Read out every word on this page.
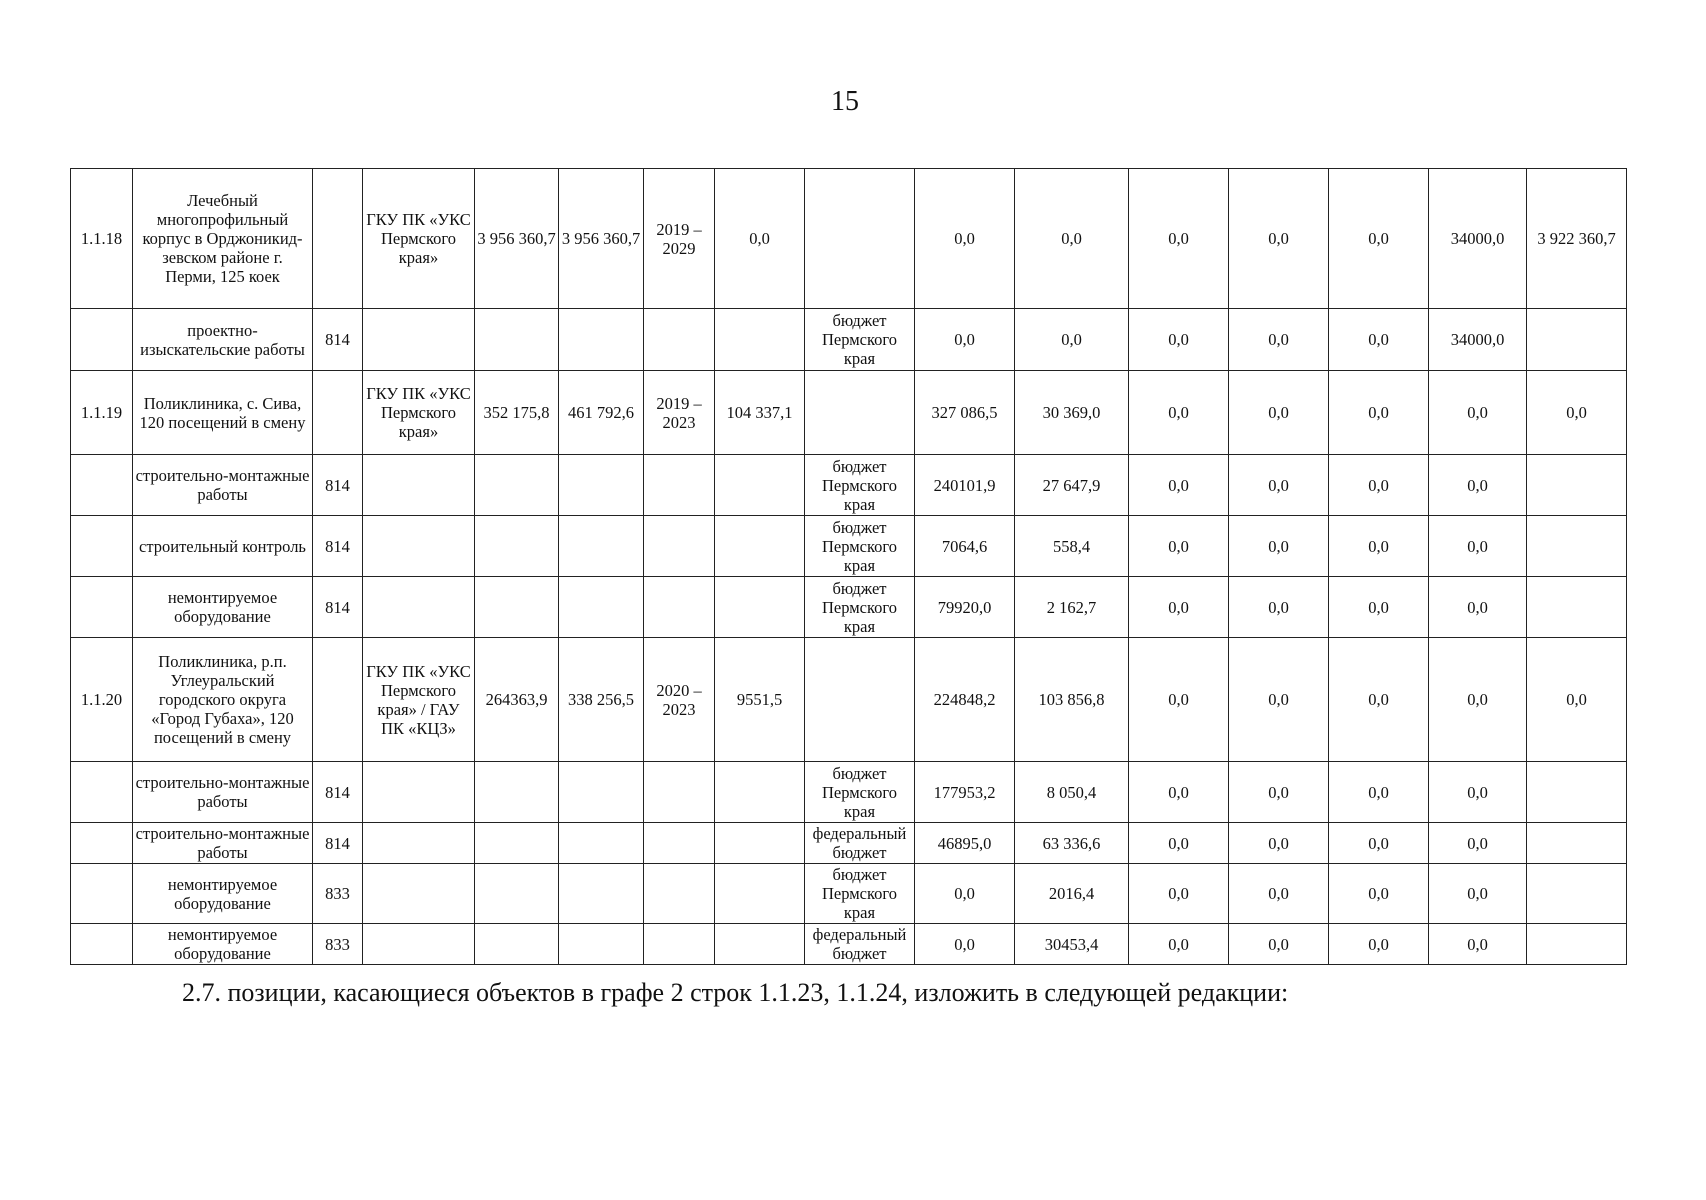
15
1.1.18	Лечебный многопрофильный корпус в Орджоникид-зевском районе г. Перми, 125 коек		ГКУ ПК «УКС Пермского края»	3 956 360,7	3 956 360,7	2019 – 2029	0,0		0,0	0,0	0,0	0,0	0,0	34000,0	3 922 360,7
	проектно-изыскательские работы	814						бюджет Пермского края	0,0	0,0	0,0	0,0	0,0	34000,0	
1.1.19	Поликлиника, с. Сива, 120 посещений в смену		ГКУ ПК «УКС Пермского края»	352 175,8	461 792,6	2019 – 2023	104 337,1		327 086,5	30 369,0	0,0	0,0	0,0	0,0	0,0
	строительно-монтажные работы	814						бюджет Пермского края	240101,9	27 647,9	0,0	0,0	0,0	0,0	
	строительный контроль	814						бюджет Пермского края	7064,6	558,4	0,0	0,0	0,0	0,0	
	немонтируемое оборудование	814						бюджет Пермского края	79920,0	2 162,7	0,0	0,0	0,0	0,0	
1.1.20	Поликлиника, р.п. Углеуральский городского округа «Город Губаха», 120 посещений в смену		ГКУ ПК «УКС Пермского края» / ГАУ ПК «КЦЗ»	264363,9	338 256,5	2020 – 2023	9551,5		224848,2	103 856,8	0,0	0,0	0,0	0,0	0,0
	строительно-монтажные работы	814						бюджет Пермского края	177953,2	8 050,4	0,0	0,0	0,0	0,0	
	строительно-монтажные работы	814						федеральный бюджет	46895,0	63 336,6	0,0	0,0	0,0	0,0	
	немонтируемое оборудование	833						бюджет Пермского края	0,0	2016,4	0,0	0,0	0,0	0,0	
	немонтируемое оборудование	833						федеральный бюджет	0,0	30453,4	0,0	0,0	0,0	0,0	
2.7. позиции, касающиеся объектов в графе 2 строк 1.1.23, 1.1.24, изложить в следующей редакции:
